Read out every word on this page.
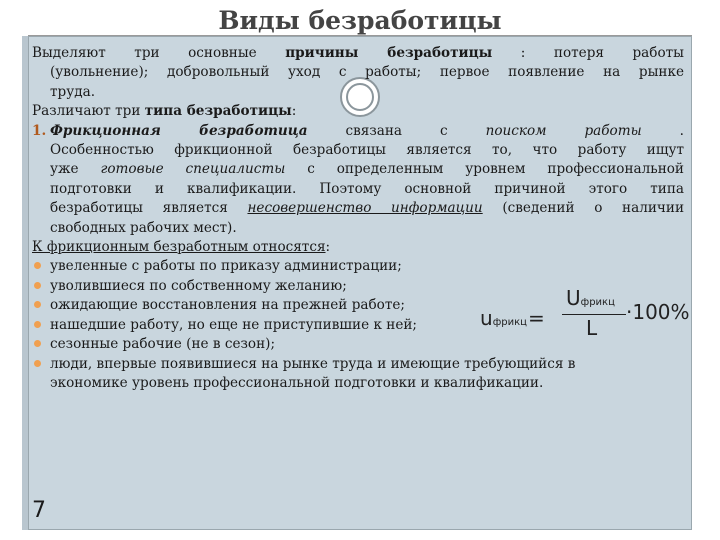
Виды безработицы

Выделяют три основные причины безработицы : потеря работы

(увольнение); добровольный уход с работы; первое появление на рынке

труда.

Различают три типа безработицы:

1. Фрикционная безработица связана с поиском работы .

Особенностью фрикционной безработицы является то, что работу ищут

уже готовые специалисты с определенным уровнем профессиональной

подготовки и квалификации. Поэтому основной причиной этого типа

безработицы является несовершенство информации (сведений о наличии

свободных рабочих мест).

К фрикционным безработным относятся:

увеленные с работы по приказу администрации;

уволившиеся по собственному желанию;

ожидающие восстановления на прежней работе;

нашедшие работу, но еще не приступившие к ней;

сезонные рабочие (не в сезон);

люди, впервые появившиеся на рынке труда и имеющие требующийся в

экономике уровень профессиональной подготовки и квалификации.

uфрикц =
Uфрикц
L
·100%
7
